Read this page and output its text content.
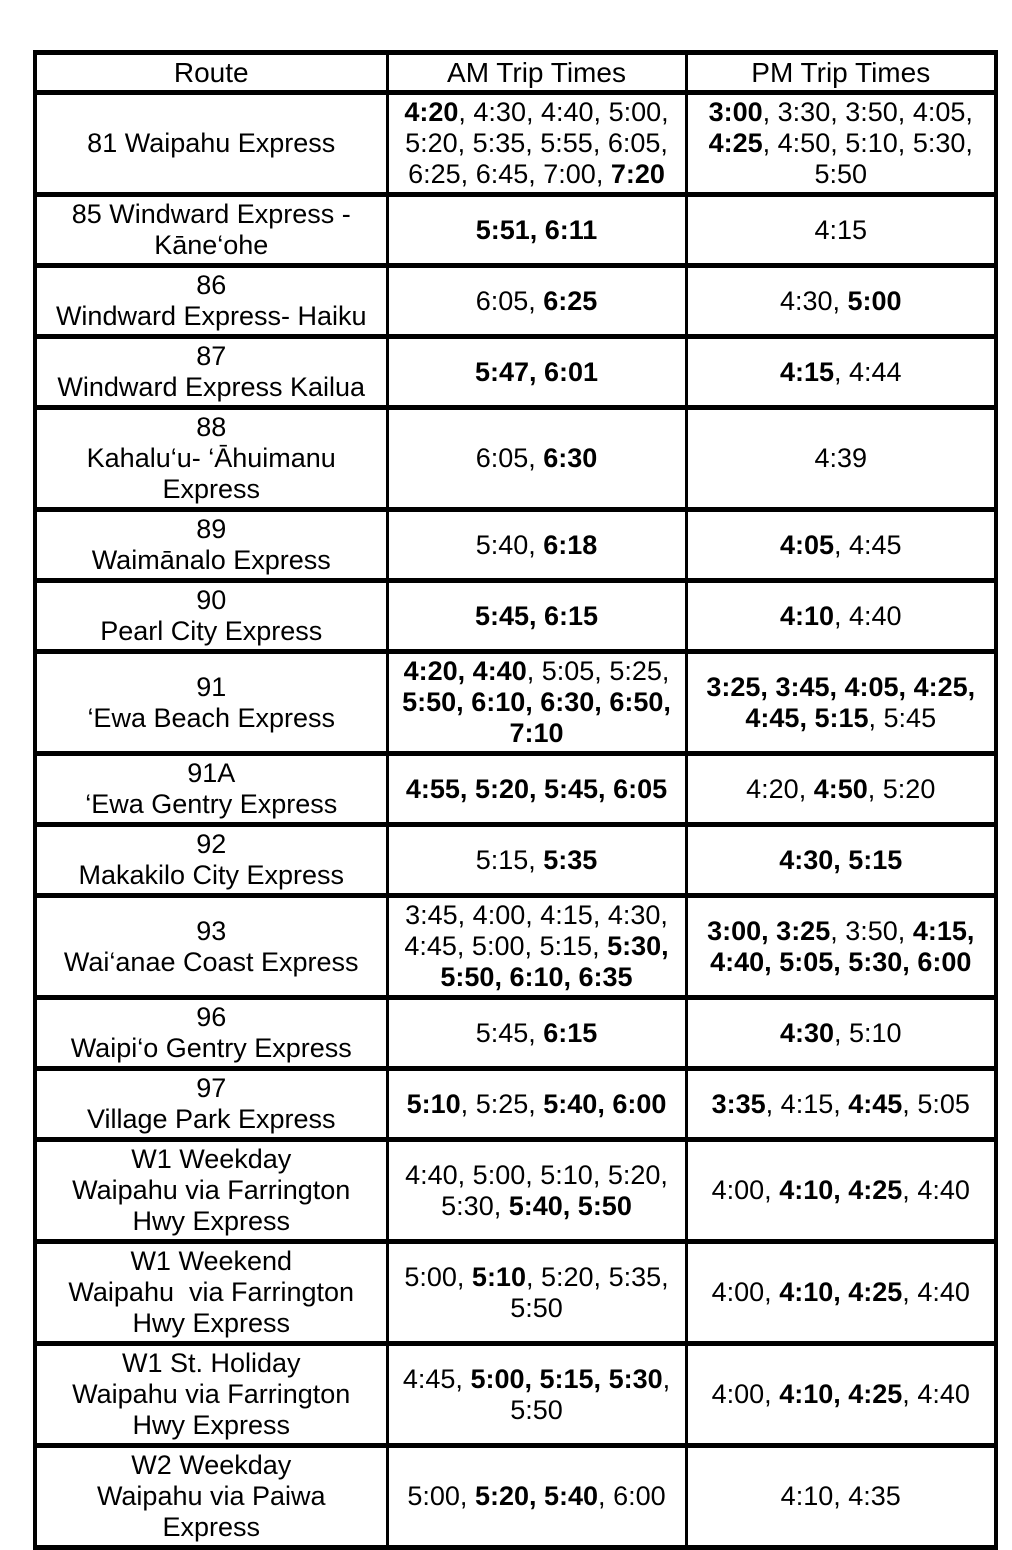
Route	AM Trip Times	PM Trip Times

81 Waipahu Express	4:20, 4:30, 4:40, 5:00, 5:20, 5:35, 5:55, 6:05, 6:25, 6:45, 7:00, 7:20	3:00, 3:30, 3:50, 4:05, 4:25, 4:50, 5:10, 5:30, 5:50

85 Windward Express -
Kāne‘ohe	5:51, 6:11	4:15

86
Windward Express- Haiku	6:05, 6:25	4:30, 5:00

87
Windward Express Kailua	5:47, 6:01	4:15, 4:44

88
Kahalu‘u- ‘Āhuimanu
Express	6:05, 6:30	4:39

89
Waimānalo Express	5:40, 6:18	4:05, 4:45

90
Pearl City Express	5:45, 6:15	4:10, 4:40

91
‘Ewa Beach Express	4:20, 4:40, 5:05, 5:25, 5:50, 6:10, 6:30, 6:50, 7:10	3:25, 3:45, 4:05, 4:25, 4:45, 5:15, 5:45

91A
‘Ewa Gentry Express	4:55, 5:20, 5:45, 6:05	4:20, 4:50, 5:20

92
Makakilo City Express	5:15, 5:35	4:30, 5:15

93
Wai‘anae Coast Express	3:45, 4:00, 4:15, 4:30, 4:45, 5:00, 5:15, 5:30, 5:50, 6:10, 6:35	3:00, 3:25, 3:50, 4:15, 4:40, 5:05, 5:30, 6:00

96
Waipi‘o Gentry Express	5:45, 6:15	4:30, 5:10

97
Village Park Express	5:10, 5:25, 5:40, 6:00	3:35, 4:15, 4:45, 5:05

W1 Weekday
Waipahu via Farrington
Hwy Express	4:40, 5:00, 5:10, 5:20, 5:30, 5:40, 5:50	4:00, 4:10, 4:25, 4:40

W1 Weekend
Waipahu  via Farrington
Hwy Express	5:00, 5:10, 5:20, 5:35, 5:50	4:00, 4:10, 4:25, 4:40

W1 St. Holiday
Waipahu via Farrington
Hwy Express	4:45, 5:00, 5:15, 5:30, 5:50	4:00, 4:10, 4:25, 4:40

W2 Weekday
Waipahu via Paiwa
Express	5:00, 5:20, 5:40, 6:00	4:10, 4:35
